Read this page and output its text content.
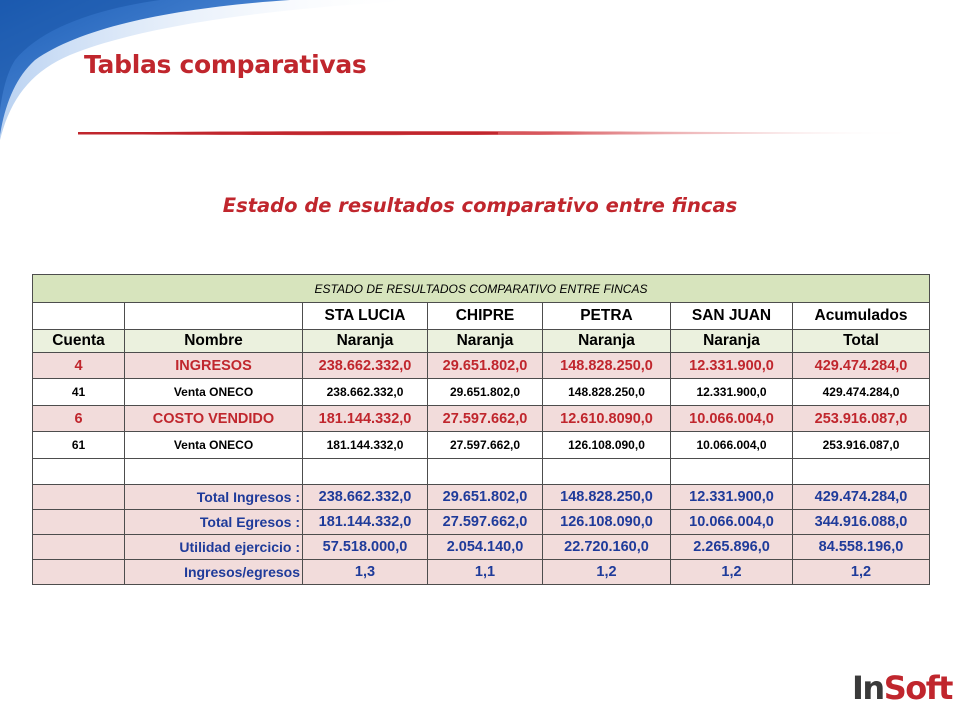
Tablas comparativas
Estado de resultados comparativo entre fincas
ESTADO DE RESULTADOS COMPARATIVO ENTRE FINCAS						
		STA LUCIA	CHIPRE	PETRA	SAN JUAN	Acumulados
Cuenta	Nombre	Naranja	Naranja	Naranja	Naranja	Total
4	INGRESOS	238.662.332,0	29.651.802,0	148.828.250,0	12.331.900,0	429.474.284,0
41	Venta ONECO	238.662.332,0	29.651.802,0	148.828.250,0	12.331.900,0	429.474.284,0
6	COSTO VENDIDO	181.144.332,0	27.597.662,0	12.610.8090,0	10.066.004,0	253.916.087,0
61	Venta ONECO	181.144.332,0	27.597.662,0	126.108.090,0	10.066.004,0	253.916.087,0

	Total Ingresos :	238.662.332,0	29.651.802,0	148.828.250,0	12.331.900,0	429.474.284,0
	Total Egresos :	181.144.332,0	27.597.662,0	126.108.090,0	10.066.004,0	344.916.088,0
	Utilidad ejercicio :	57.518.000,0	2.054.140,0	22.720.160,0	2.265.896,0	84.558.196,0
	Ingresos/egresos	1,3	1,1	1,2	1,2	1,2

InSoft
